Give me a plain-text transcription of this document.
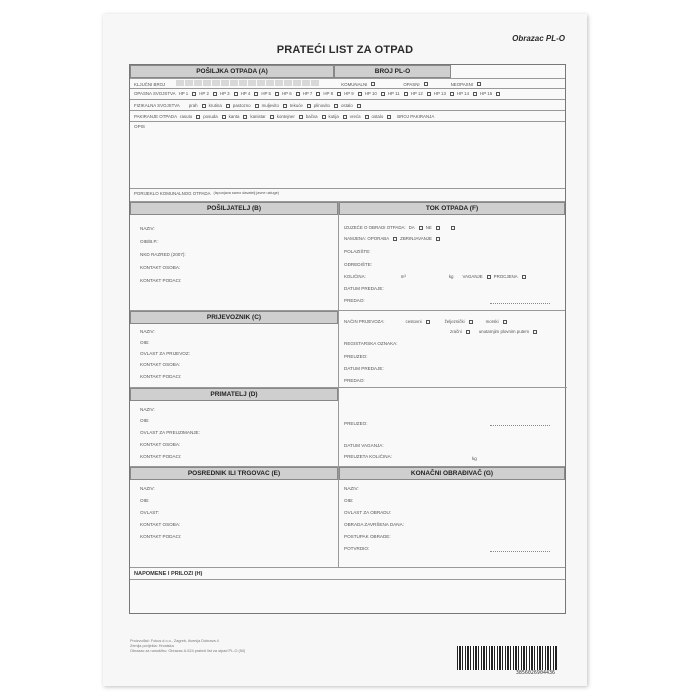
Obrazac PL-O
PRATEĆI LIST ZA OTPAD
POŠILJKA OTPADA (A)	BROJ PL-O
KLJUČNI BROJ	KOMUNALNI	OPASNI	NEOPASNI
OPASNA SVOJSTVA HP 1	HP 2	HP 3	HP 4	HP 5	HP 6	HP 7	HP 8	HP 9	HP 10	HP 11	HP 12	HP 13	HP 14	HP 15
FIZIKALNA SVOJSTVA prah	krutina	pastozno	muljevito	tekuće	plinovito	ostalo
PAKIRANJE OTPADA rasuto	posuda	kanta	kanistar	kontejner	bačva	kutija	vreća	ostalo	BROJ PAKIRANJA
OPIS
PORIJEKLO KOMUNALNOG OTPADA (ispunjava samo davatelj javne usluge)
POŠILJATELJ (B)
NAZIV:
OIB/B.P.:
NKD RAZRED (2007):
KONTAKT OSOBA:
KONTAKT PODACI:
TOK OTPADA (F)
IZUZEĆE O OBRADI OTPADA: DA	NE
NAMJENA: OPORABA	ZBRINJAVANJE
POLAZIŠTE:
ODREDIŠTE:
KOLIČINA:	m³	kg VAGANJE	PROCJENA
DATUM PREDAJE:
PREDAO:
PRIJEVOZNIK (C)
NAZIV:
OIB:
OVLAST ZA PRIJEVOZ:
KONTAKT OSOBA:
KONTAKT PODACI:
NAČIN PRIJEVOZA:	cestovni	željeznički	morski
zračni	unutarnjim plovnim putem
REGISTARSKA OZNAKA:
PREUZEO:
DATUM PREDAJE:
PREDAO:
PRIMATELJ (D)
NAZIV:
OIB:
OVLAST ZA PREUZIMANJE:
KONTAKT OSOBA:
KONTAKT PODACI:
PREUZEO:
DATUM VAGANJA:
PREUZETA KOLIČINA:	kg
POSREDNIK ILI TRGOVAC (E)
NAZIV:
OIB:
OVLAST:
KONTAKT OSOBA:
KONTAKT PODACI:
KONAČNI OBRAĐIVAČ (G)
NAZIV:
OIB:
OVLAST ZA OBRADU:
OBRADA ZAVRŠENA DANA:
POSTUPAK OBRADE:
POTVRDIO:
NAPOMENE I PRILOZI (H)
Proizvođač: Fokus d.o.o., Zagreb, Avenija Dubrava 4
Zemlja porijekla: Hrvatska
Obrazac za narudžbu: Obrazac A-524 prateći list za otpad PL-O (50)
3856026904436
